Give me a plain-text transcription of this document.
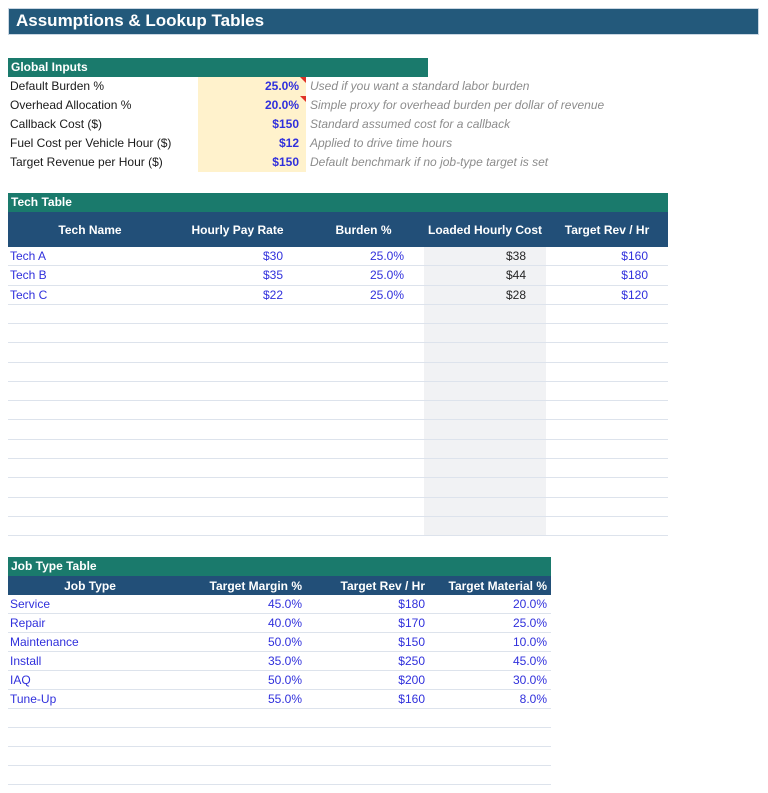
Assumptions & Lookup Tables
Global Inputs
Default Burden %	25.0% Used if you want a standard labor burden
Overhead Allocation %	20.0% Simple proxy for overhead burden per dollar of revenue
Callback Cost ($)	$150 Standard assumed cost for a callback
Fuel Cost per Vehicle Hour ($)	$12 Applied to drive time hours
Target Revenue per Hour ($)	$150 Default benchmark if no job-type target is set
Tech Table
Tech Name	Hourly Pay Rate	Burden %	Loaded Hourly Cost	Target Rev / Hr
Tech A	$30	25.0%	$38	$160
Tech B	$35	25.0%	$44	$180
Tech C	$22	25.0%	$28	$120
Job Type Table
Job Type	Target Margin %	Target Rev / Hr	Target Material %
Service	45.0%	$180	20.0%
Repair	40.0%	$170	25.0%
Maintenance	50.0%	$150	10.0%
Install	35.0%	$250	45.0%
IAQ	50.0%	$200	30.0%
Tune-Up	55.0%	$160	8.0%
